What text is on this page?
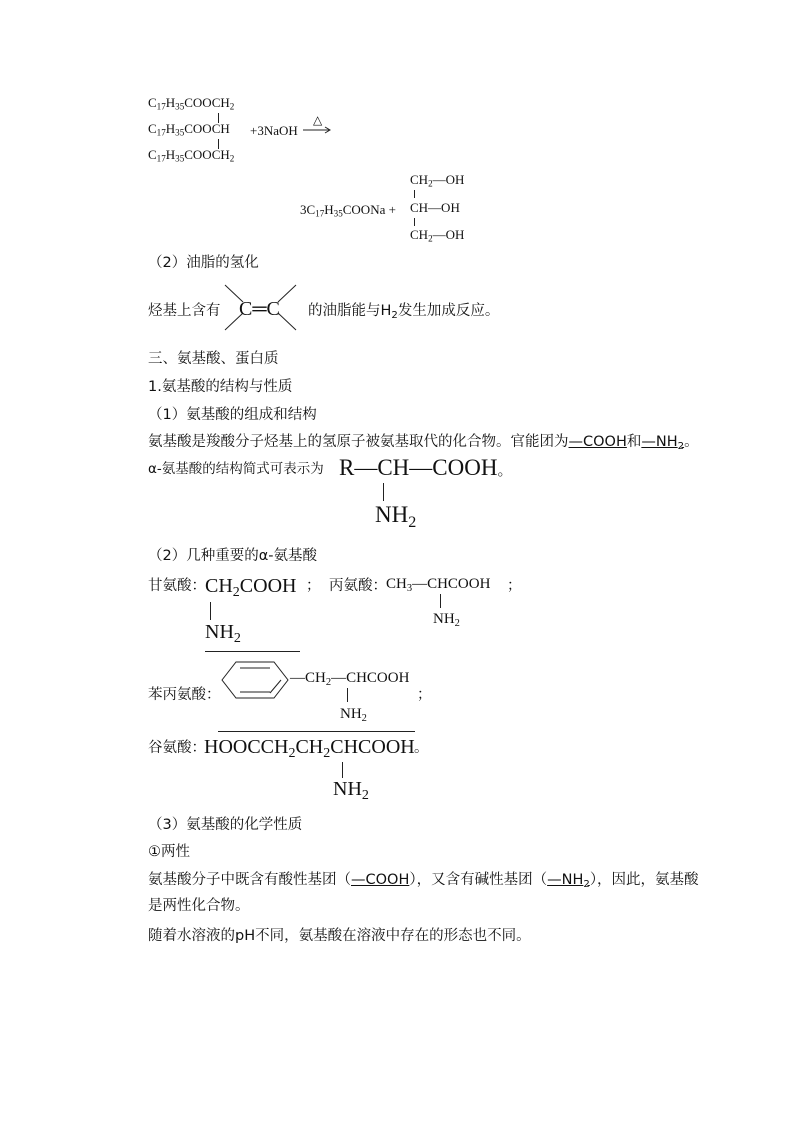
$C_{17}H_{35}COOCH_2$
$C_{17}H_{35}COOCH$
$C_{17}H_{35}COOCH_2$
+3NaOH
△
$3C_{17}H_{35}COONa$ +
$CH_2—OH$
CH—OH
$CH_2—OH$
（2）油脂的氢化
烃基上含有 C═C 的油脂能与$H_2$发生加成反应。
三、氨基酸、蛋白质
1.氨基酸的结构与性质
（1）氨基酸的组成和结构
氨基酸是羧酸分子烃基上的氢原子被氨基取代的化合物。官能团为—COOH和$—NH_2$。
α-氨基酸的结构简式可表示为 R—CH—COOH。
$NH_2$
（2）几种重要的α-氨基酸
甘氨酸： $CH_2COOH$ ；
$NH_2$
丙氨酸： $CH_3—CHCOOH$ ；
$NH_2$
苯丙氨酸：
$—CH_2—CHCOOH$
$NH_2$
；
谷氨酸：
$HOOCCH_2CH_2CHCOOH$ 。
$NH_2$
（3）氨基酸的化学性质
①两性
氨基酸分子中既含有酸性基团（—COOH），又含有碱性基团$(—NH_2)$，因此，氨基酸
是两性化合物。
随着水溶液的pH不同，氨基酸在溶液中存在的形态也不同。
